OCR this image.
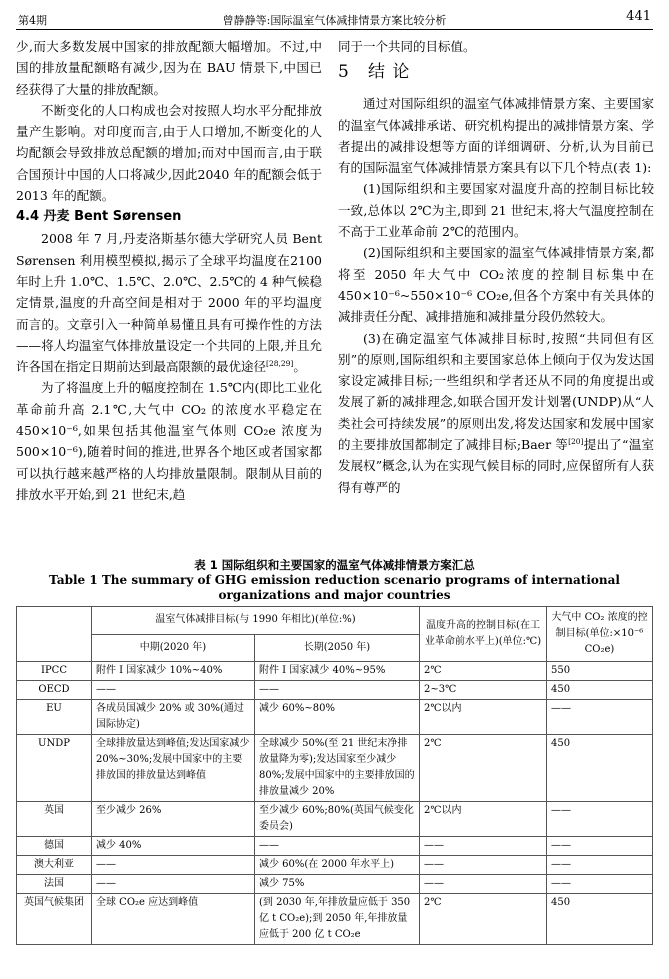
第4期	曾静静等:国际温室气体减排情景方案比较分析	441

少,而大多数发展中国家的排放配额大幅增加。不过,中国的排放量配额略有减少,因为在 BAU 情景下,中国已经获得了大量的排放配额。

不断变化的人口构成也会对按照人均水平分配排放量产生影响。对印度而言,由于人口增加,不断变化的人均配额会导致排放总配额的增加;而对中国而言,由于联合国预计中国的人口将减少,因此2040 年的配额会低于 2013 年的配额。

4.4 丹麦 Bent Sørensen

2008 年 7 月,丹麦洛斯基尔德大学研究人员 Bent Sørensen 利用模型模拟,揭示了全球平均温度在2100 年时上升 1.0℃、1.5℃、2.0℃、2.5℃的 4 种气候稳定情景,温度的升高空间是相对于 2000 年的平均温度而言的。文章引入一种简单易懂且具有可操作性的方法——将人均温室气体排放量设定一个共同的上限,并且允许各国在指定日期前达到最高限额的最优途径[28,29]。

为了将温度上升的幅度控制在 1.5℃内(即比工业化革命前升高 2.1℃,大气中 CO₂ 的浓度水平稳定在 450×10⁻⁶,如果包括其他温室气体则 CO₂e 浓度为 500×10⁻⁶),随着时间的推进,世界各个地区或者国家都可以执行越来越严格的人均排放量限制。限制从目前的排放水平开始,到 21 世纪末,趋

同于一个共同的目标值。

5 结 论

通过对国际组织的温室气体减排情景方案、主要国家的温室气体减排承诺、研究机构提出的减排情景方案、学者提出的减排设想等方面的详细调研、分析,认为目前已有的国际温室气体减排情景方案具有以下几个特点(表 1):

(1)国际组织和主要国家对温度升高的控制目标比较一致,总体以 2℃为主,即到 21 世纪末,将大气温度控制在不高于工业革命前 2℃的范围内。

(2)国际组织和主要国家的温室气体减排情景方案,都将至 2050 年大气中 CO₂浓度的控制目标集中在450×10⁻⁶~550×10⁻⁶ CO₂e,但各个方案中有关具体的减排责任分配、减排措施和减排量分段仍然较大。

(3)在确定温室气体减排目标时,按照“共同但有区别”的原则,国际组织和主要国家总体上倾向于仅为发达国家设定减排目标;一些组织和学者还从不同的角度提出或发展了新的减排理念,如联合国开发计划署(UNDP)从“人类社会可持续发展”的原则出发,将发达国家和发展中国家的主要排放国都制定了减排目标;Baer 等[20]提出了“温室发展权”概念,认为在实现气候目标的同时,应保留所有人获得有尊严的

表 1 国际组织和主要国家的温室气体减排情景方案汇总
Table 1 The summary of GHG emission reduction scenario programs of international
organizations and major countries
	温室气体减排目标(与 1990 年相比)(单位:%)		温度升高的控制目标(在工业革命前水平上)(单位:℃)	大气中 CO₂ 浓度的控制目标(单位:×10⁻⁶ CO₂e)
	中期(2020 年)	长期(2050 年)		
IPCC	附件 I 国家减少 10%~40%	附件 I 国家减少 40%~95%	2℃	550
OECD	——	——	2~3℃	450
EU	各成员国减少 20% 或 30%(通过国际协定)	减少 60%~80%	2℃以内	——
UNDP	全球排放量达到峰值;发达国家减少 20%~30%;发展中国家中的主要排放国的排放量达到峰值	全球减少 50%(至 21 世纪末净排放量降为零);发达国家至少减少 80%;发展中国家中的主要排放国的排放量减少 20%	2℃	450
英国	至少减少 26%	至少减少 60%;80%(英国气候变化委员会)	2℃以内	——
德国	减少 40%	——	——	——
澳大利亚	——	减少 60%(在 2000 年水平上)	——	——
法国	——	减少 75%	——	——
英国气候集团	全球 CO₂e 应达到峰值	(到 2030 年,年排放量应低于 350 亿 t CO₂e);到 2050 年,年排放量应低于 200 亿 t CO₂e	2℃	450
